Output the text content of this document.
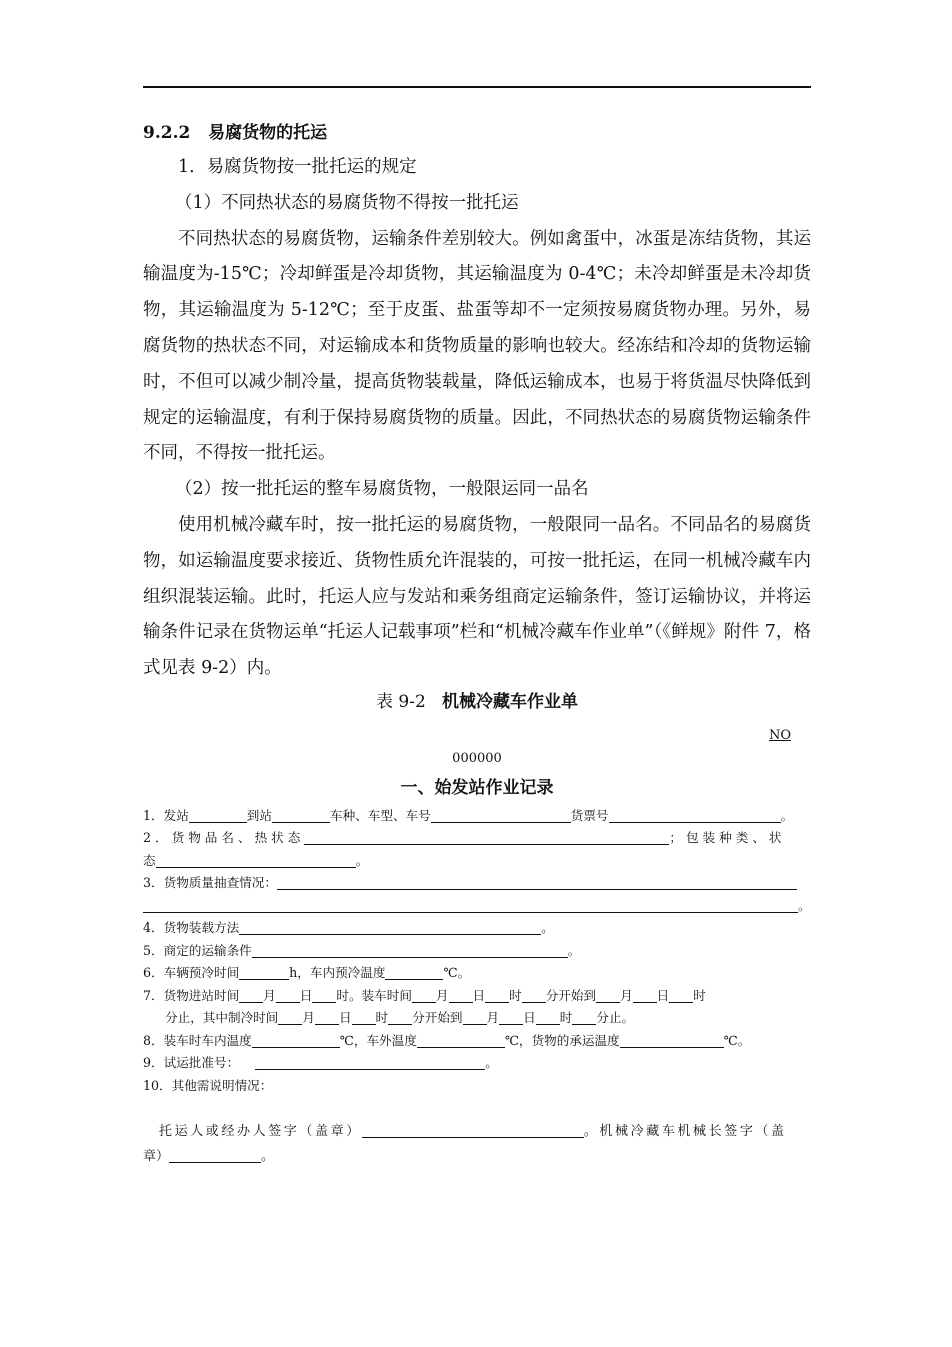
9.2.2 易腐货物的托运

1．易腐货物按一批托运的规定

（1）不同热状态的易腐货物不得按一批托运

不同热状态的易腐货物，运输条件差别较大。例如禽蛋中，冰蛋是冻结货物，其运输温度为-15℃；冷却鲜蛋是冷却货物，其运输温度为 0-4℃；未冷却鲜蛋是未冷却货物，其运输温度为 5-12℃；至于皮蛋、盐蛋等却不一定须按易腐货物办理。另外，易腐货物的热状态不同，对运输成本和货物质量的影响也较大。经冻结和冷却的货物运输时，不但可以减少制冷量，提高货物装载量，降低运输成本，也易于将货温尽快降低到规定的运输温度，有利于保持易腐货物的质量。因此，不同热状态的易腐货物运输条件不同，不得按一批托运。

（2）按一批托运的整车易腐货物，一般限运同一品名

使用机械冷藏车时，按一批托运的易腐货物，一般限同一品名。不同品名的易腐货物，如运输温度要求接近、货物性质允许混装的，可按一批托运，在同一机械冷藏车内组织混装运输。此时，托运人应与发站和乘务组商定运输条件，签订运输协议，并将运输条件记录在货物运单“托运人记载事项”栏和“机械冷藏车作业单”（《鲜规》附件 7，格式见表 9-2）内。

表 9-2 机械冷藏车作业单
NO
000000
一、始发站作业记录
1．发站	到站	车种、车型、车号	货票号	。
2．货物品名、热状态	；包装种类、状
态	。
3．货物质量抽查情况：
。
4．货物装载方法	。
5．商定的运输条件	。
6．车辆预冷时间	h，车内预冷温度	℃。
7．货物进站时间 月 日 时。装车时间 月 日 时 分开始到 月 日 时
分止，其中制冷时间 月 日 时 分开始到 月 日 时 分止。
8．装车时车内温度	℃，车外温度	℃，货物的承运温度	℃。
9．试运批准号：	。
10．其他需说明情况：
托运人或经办人签字（盖章）	。机械冷藏车机械长签字（盖
章）	。
